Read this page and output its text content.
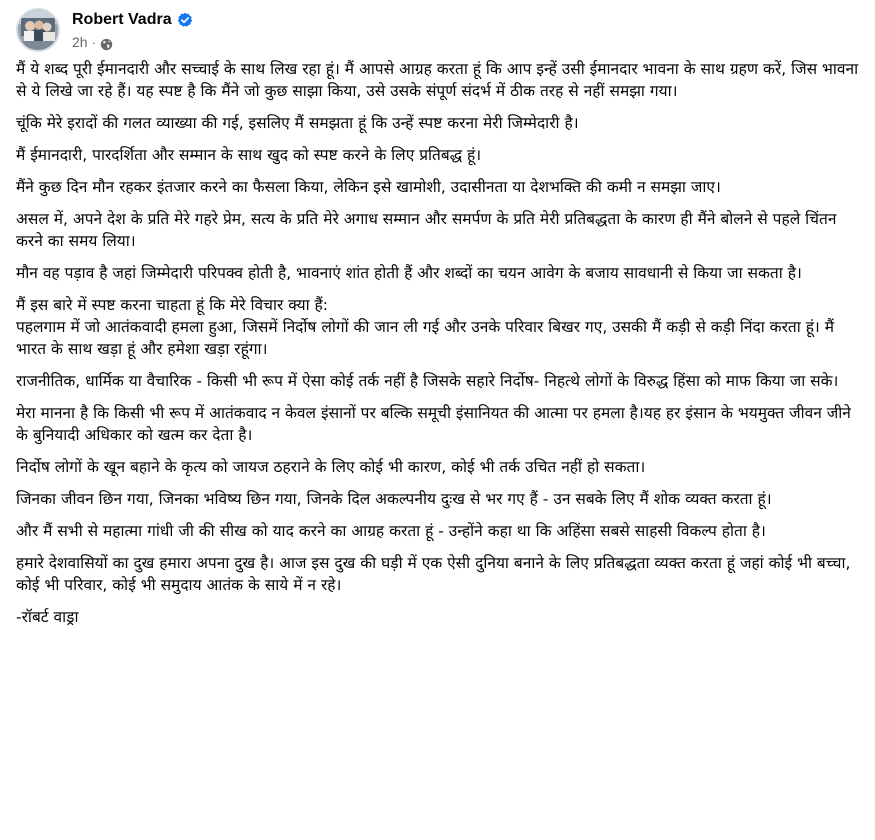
Robert Vadra
2h ·

मैं ये शब्द पूरी ईमानदारी और सच्चाई के साथ लिख रहा हूं। मैं आपसे आग्रह करता हूं कि आप इन्हें उसी ईमानदार भावना के साथ ग्रहण करें, जिस भावना से ये लिखे जा रहे हैं। यह स्पष्ट है कि मैंने जो कुछ साझा किया, उसे उसके संपूर्ण संदर्भ में ठीक तरह से नहीं समझा गया।

चूंकि मेरे इरादों की गलत व्याख्या की गई, इसलिए मैं समझता हूं कि उन्हें स्पष्ट करना मेरी जिम्मेदारी है।

मैं ईमानदारी, पारदर्शिता और सम्मान के साथ खुद को स्पष्ट करने के लिए प्रतिबद्ध हूं।

मैंने कुछ दिन मौन रहकर इंतजार करने का फैसला किया, लेकिन इसे खामोशी, उदासीनता या देशभक्ति की कमी न समझा जाए।

असल में, अपने देश के प्रति मेरे गहरे प्रेम, सत्य के प्रति मेरे अगाध सम्मान और समर्पण के प्रति मेरी प्रतिबद्धता के कारण ही मैंने बोलने से पहले चिंतन करने का समय लिया।

मौन वह पड़ाव है जहां जिम्मेदारी परिपक्व होती है, भावनाएं शांत होती हैं और शब्दों का चयन आवेग के बजाय सावधानी से किया जा सकता है।

मैं इस बारे में स्पष्ट करना चाहता हूं कि मेरे विचार क्या हैं:
पहलगाम में जो आतंकवादी हमला हुआ, जिसमें निर्दोष लोगों की जान ली गई और उनके परिवार बिखर गए, उसकी मैं कड़ी से कड़ी निंदा करता हूं। मैं भारत के साथ खड़ा हूं और हमेशा खड़ा रहूंगा।

राजनीतिक, धार्मिक या वैचारिक - किसी भी रूप में ऐसा कोई तर्क नहीं है जिसके सहारे निर्दोष- निहत्थे लोगों के विरुद्ध हिंसा को माफ किया जा सके।

मेरा मानना है कि किसी भी रूप में आतंकवाद न केवल इंसानों पर बल्कि समूची इंसानियत की आत्मा पर हमला है।यह हर इंसान के भयमुक्त जीवन जीने के बुनियादी अधिकार को खत्म कर देता है।

निर्दोष लोगों के खून बहाने के कृत्य को जायज ठहराने के लिए कोई भी कारण, कोई भी तर्क उचित नहीं हो सकता।

जिनका जीवन छिन गया, जिनका भविष्य छिन गया, जिनके दिल अकल्पनीय दुःख से भर गए हैं - उन सबके लिए मैं शोक व्यक्त करता हूं।

और मैं सभी से महात्मा गांधी जी की सीख को याद करने का आग्रह करता हूं - उन्होंने कहा था कि अहिंसा सबसे साहसी विकल्प होता है।

हमारे देशवासियों का दुख हमारा अपना दुख है। आज इस दुख की घड़ी में एक ऐसी दुनिया बनाने के लिए प्रतिबद्धता व्यक्त करता हूं जहां कोई भी बच्चा, कोई भी परिवार, कोई भी समुदाय आतंक के साये में न रहे।

-रॉबर्ट वाड्रा
